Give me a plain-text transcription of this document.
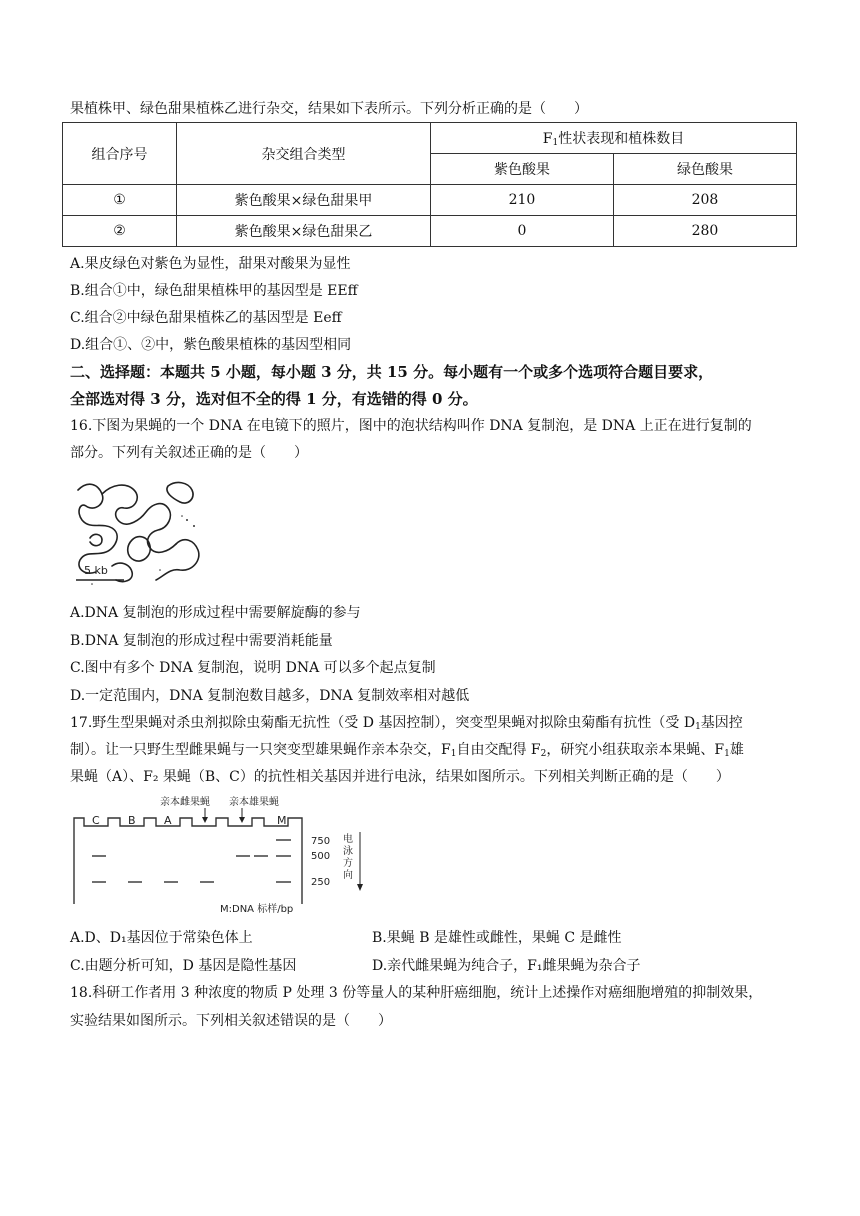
果植株甲、绿色甜果植株乙进行杂交，结果如下表所示。下列分析正确的是（　　）
组合序号	杂交组合类型	$F_1$性状表现和植株数目	
		紫色酸果	绿色酸果
①	紫色酸果×绿色甜果甲	210	208
②	紫色酸果×绿色甜果乙	0	280
A.果皮绿色对紫色为显性，甜果对酸果为显性
B.组合①中，绿色甜果植株甲的基因型是 EEff
C.组合②中绿色甜果植株乙的基因型是 Eeff
D.组合①、②中，紫色酸果植株的基因型相同
二、选择题：本题共 5 小题，每小题 3 分，共 15 分。每小题有一个或多个选项符合题目要求，
全部选对得 3 分，选对但不全的得 1 分，有选错的得 0 分。
16.下图为果蝇的一个 DNA 在电镜下的照片，图中的泡状结构叫作 DNA 复制泡，是 DNA 上正在进行复制的
部分。下列有关叙述正确的是（　　）
5 kb
A.DNA 复制泡的形成过程中需要解旋酶的参与
B.DNA 复制泡的形成过程中需要消耗能量
C.图中有多个 DNA 复制泡，说明 DNA 可以多个起点复制
D.一定范围内，DNA 复制泡数目越多，DNA 复制效率相对越低
17.野生型果蝇对杀虫剂拟除虫菊酯无抗性（受 D 基因控制），突变型果蝇对拟除虫菊酯有抗性（受 $D_1$基因控
制）。让一只野生型雌果蝇与一只突变型雄果蝇作亲本杂交，$F_1$自由交配得 $F_2$，研究小组获取亲本果蝇、$F_1$雄
果蝇（A）、F₂ 果蝇（B、C）的抗性相关基因并进行电泳，结果如图所示。下列相关判断正确的是（　　）
亲本雌果蝇 亲本雄果蝇
C	B	A	M
750
500
250
电
泳
方
向
M:DNA 标样/bp
A.D、D₁基因位于常染色体上	B.果蝇 B 是雄性或雌性，果蝇 C 是雌性
C.由题分析可知，D 基因是隐性基因	D.亲代雌果蝇为纯合子，F₁雌果蝇为杂合子
18.科研工作者用 3 种浓度的物质 P 处理 3 份等量人的某种肝癌细胞，统计上述操作对癌细胞增殖的抑制效果，
实验结果如图所示。下列相关叙述错误的是（　　）
